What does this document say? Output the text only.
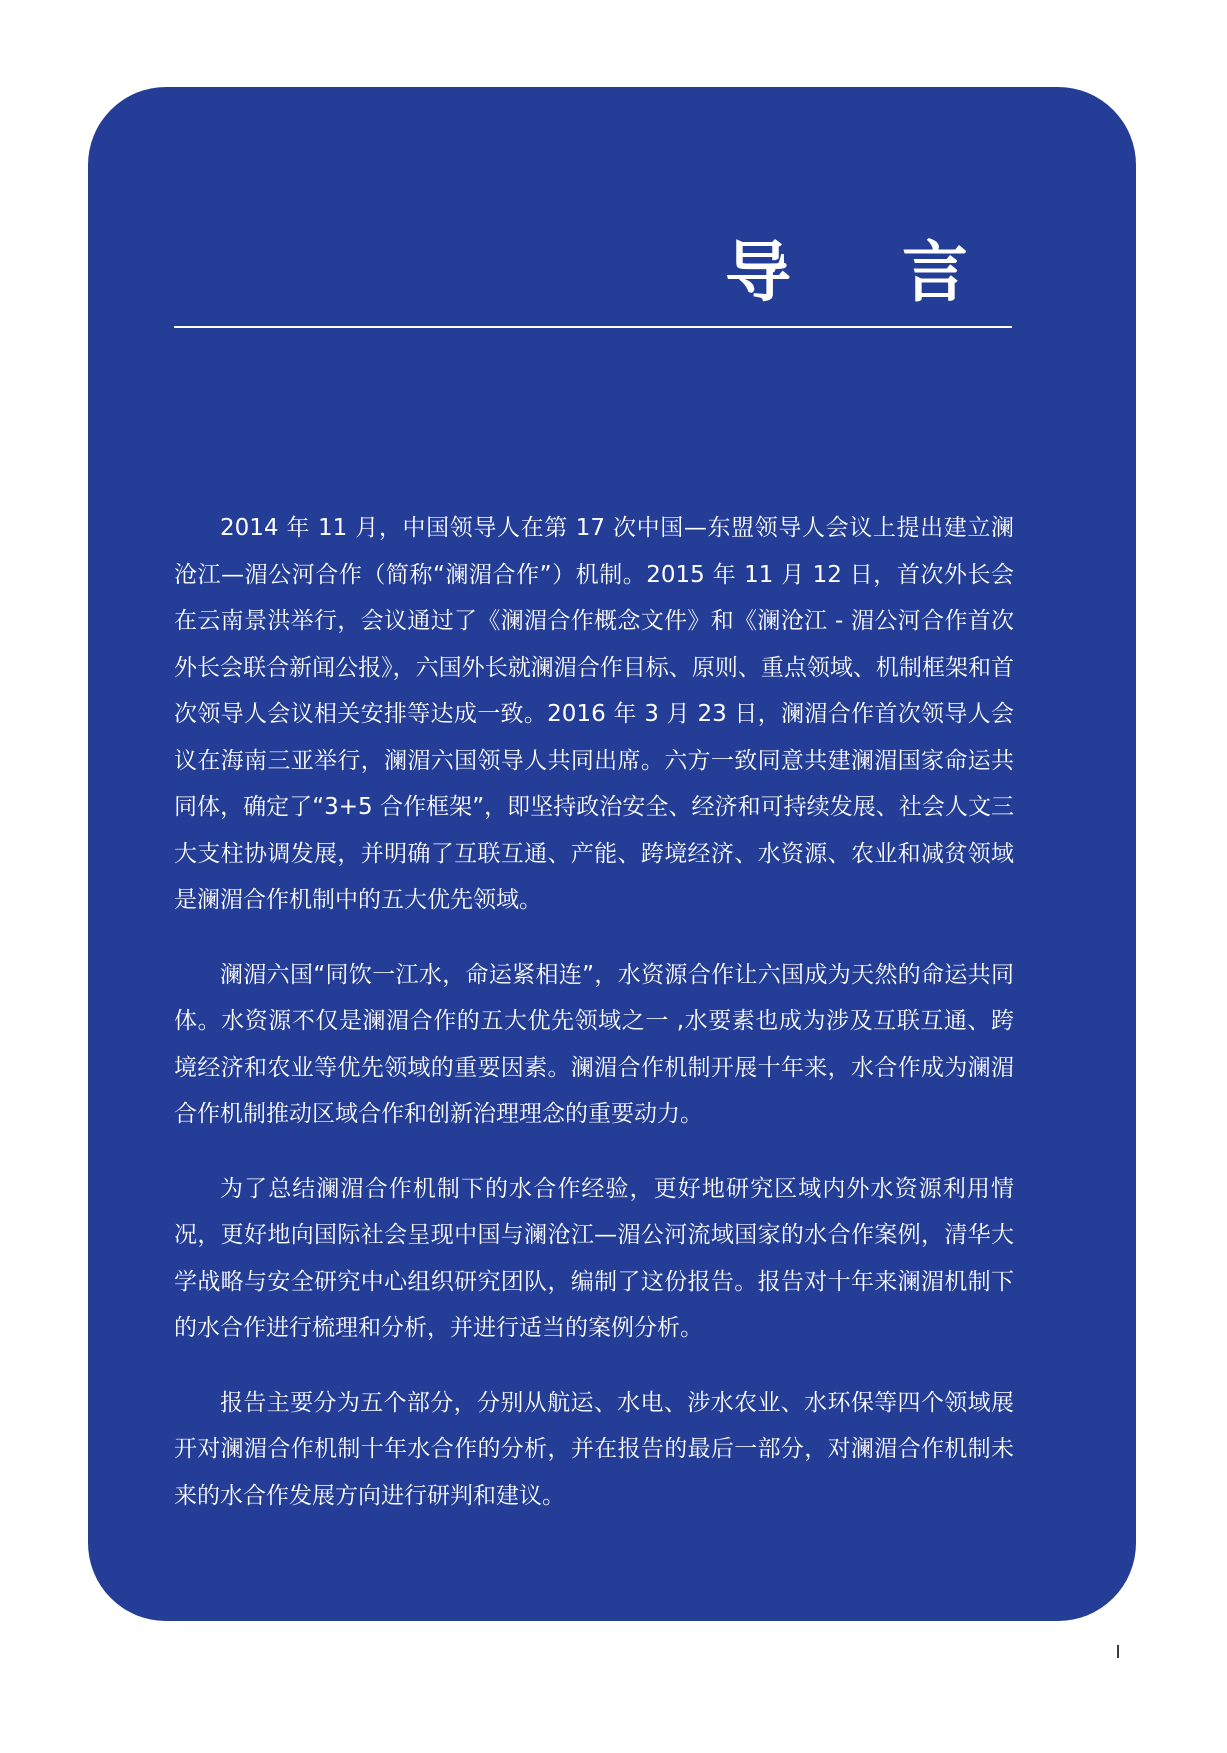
导 言

2014 年 11 月，中国领导人在第 17 次中国—东盟领导人会议上提出建立澜沧江—湄公河合作（简称“澜湄合作”）机制。2015 年 11 月 12 日，首次外长会在云南景洪举行，会议通过了《澜湄合作概念文件》和《澜沧江 - 湄公河合作首次外长会联合新闻公报》，六国外长就澜湄合作目标、原则、重点领域、机制框架和首次领导人会议相关安排等达成一致。2016 年 3 月 23 日，澜湄合作首次领导人会议在海南三亚举行，澜湄六国领导人共同出席。六方一致同意共建澜湄国家命运共同体，确定了“3+5 合作框架”，即坚持政治安全、经济和可持续发展、社会人文三大支柱协调发展，并明确了互联互通、产能、跨境经济、水资源、农业和减贫领域是澜湄合作机制中的五大优先领域。

澜湄六国“同饮一江水，命运紧相连”，水资源合作让六国成为天然的命运共同体。水资源不仅是澜湄合作的五大优先领域之一 ,水要素也成为涉及互联互通、跨境经济和农业等优先领域的重要因素。澜湄合作机制开展十年来，水合作成为澜湄合作机制推动区域合作和创新治理理念的重要动力。

为了总结澜湄合作机制下的水合作经验，更好地研究区域内外水资源利用情况，更好地向国际社会呈现中国与澜沧江—湄公河流域国家的水合作案例，清华大学战略与安全研究中心组织研究团队，编制了这份报告。报告对十年来澜湄机制下的水合作进行梳理和分析，并进行适当的案例分析。

报告主要分为五个部分，分别从航运、水电、涉水农业、水环保等四个领域展开对澜湄合作机制十年水合作的分析，并在报告的最后一部分，对澜湄合作机制未来的水合作发展方向进行研判和建议。

I
